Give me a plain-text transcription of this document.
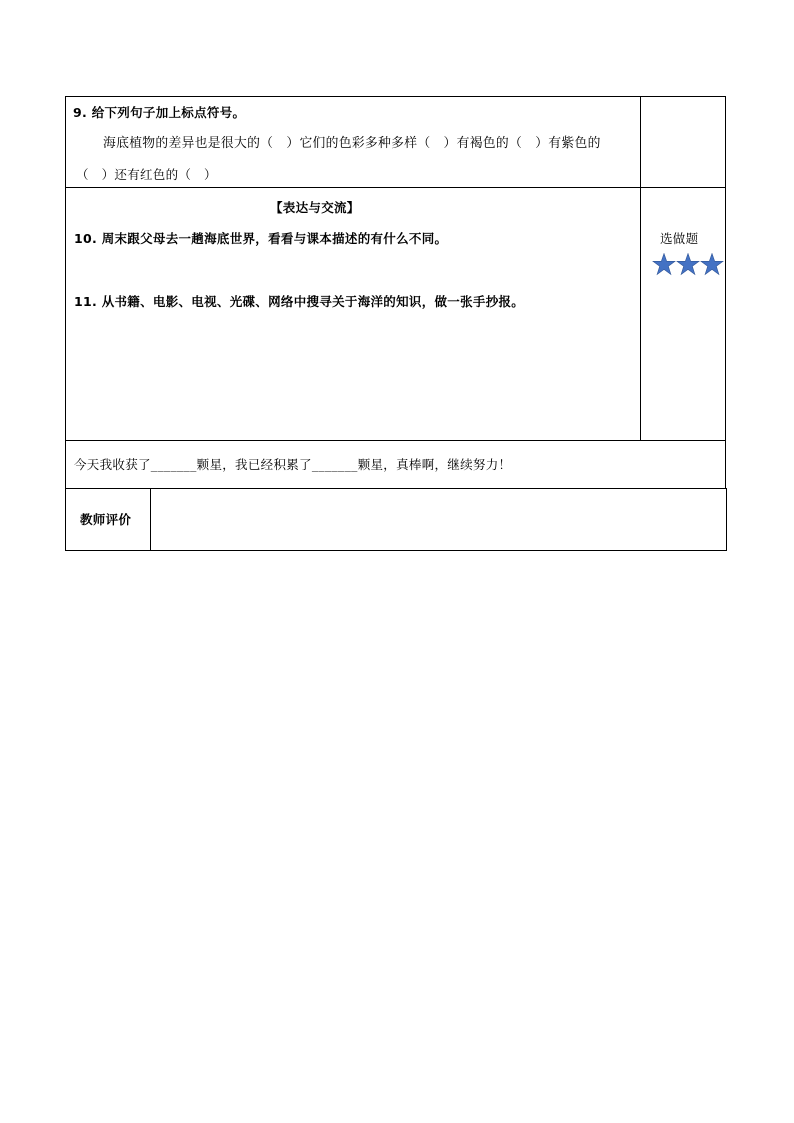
9. 给下列句子加上标点符号。
海底植物的差异也是很大的（　）它们的色彩多种多样（　）有褐色的（　）有紫色的
（　）还有红色的（　）
【表达与交流】
10. 周末跟父母去一趟海底世界，看看与课本描述的有什么不同。
11. 从书籍、电影、电视、光碟、网络中搜寻关于海洋的知识，做一张手抄报。
选做题
今天我收获了_______颗星，我已经积累了_______颗星，真棒啊，继续努力！
教师评价
